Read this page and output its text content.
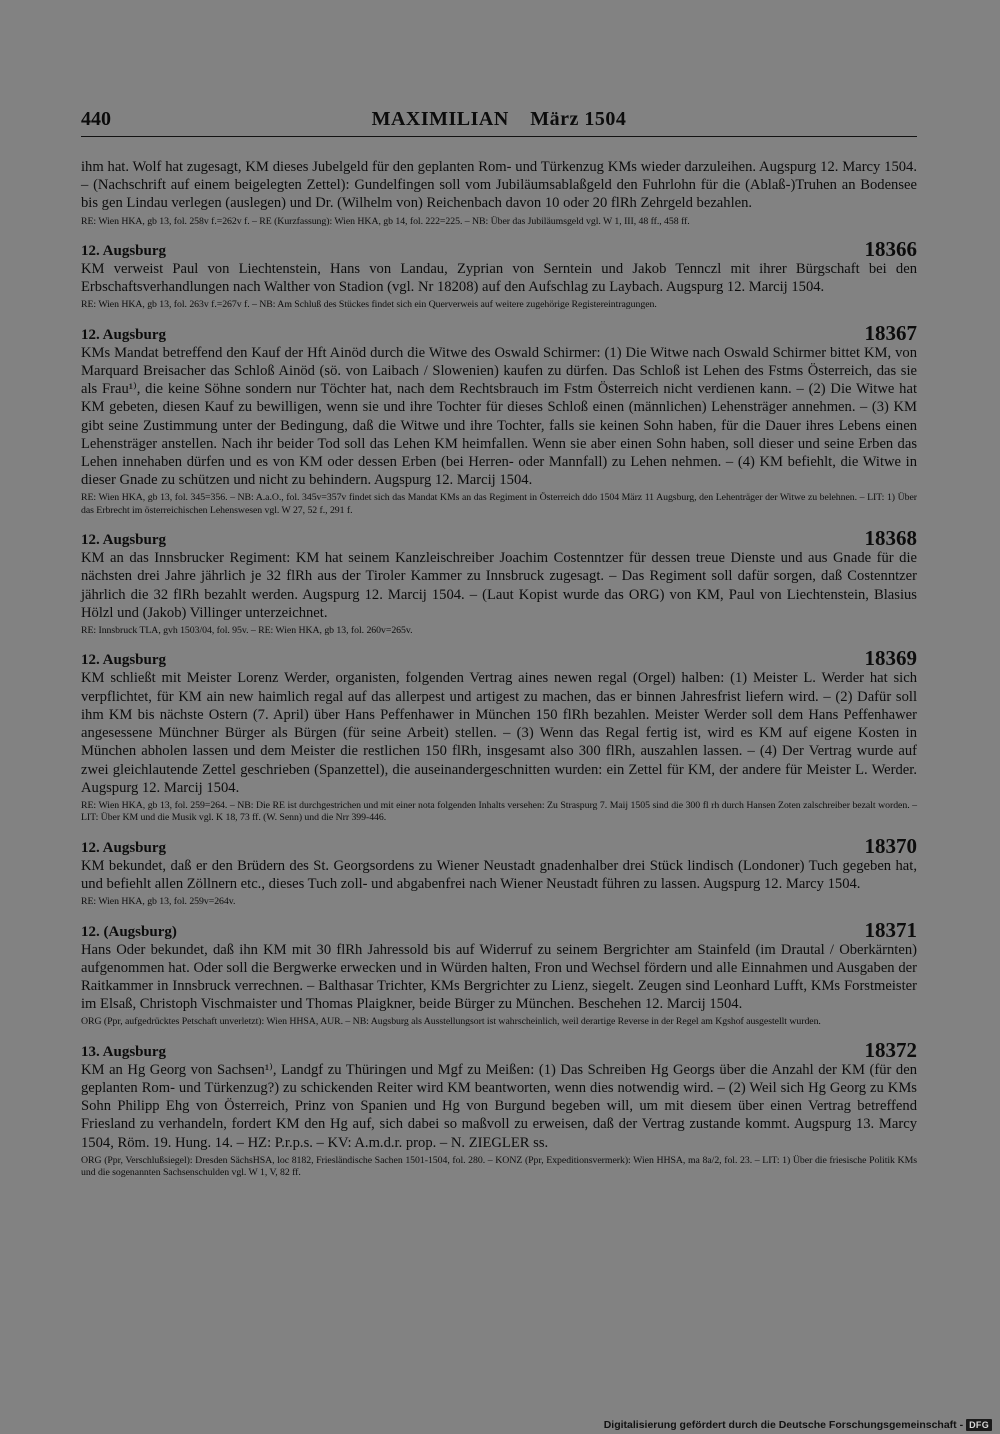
440	MAXIMILIAN März 1504

ihm hat. Wolf hat zugesagt, KM dieses Jubelgeld für den geplanten Rom- und Türkenzug KMs wieder darzuleihen. Augspurg 12. Marcy 1504. – (Nachschrift auf einem beigelegten Zettel): Gundelfingen soll vom Jubiläumsablaßgeld den Fuhrlohn für die (Ablaß-)Truhen an Bodensee bis gen Lindau verlegen (auslegen) und Dr. (Wilhelm von) Reichenbach davon 10 oder 20 flRh Zehrgeld bezahlen.

RE: Wien HKA, gb 13, fol. 258v f.=262v f. – RE (Kurzfassung): Wien HKA, gb 14, fol. 222=225. – NB: Über das Jubiläumsgeld vgl. W 1, III, 48 ff., 458 ff.

12. Augsburg	18366

KM verweist Paul von Liechtenstein, Hans von Landau, Zyprian von Serntein und Jakob Tennczl mit ihrer Bürgschaft bei den Erbschaftsverhandlungen nach Walther von Stadion (vgl. Nr 18208) auf den Aufschlag zu Laybach. Augspurg 12. Marcij 1504.

RE: Wien HKA, gb 13, fol. 263v f.=267v f. – NB: Am Schluß des Stückes findet sich ein Querverweis auf weitere zugehörige Registereintragungen.

12. Augsburg	18367

KMs Mandat betreffend den Kauf der Hft Ainöd durch die Witwe des Oswald Schirmer: (1) Die Witwe nach Oswald Schirmer bittet KM, von Marquard Breisacher das Schloß Ainöd (sö. von Laibach / Slowenien) kaufen zu dürfen. Das Schloß ist Lehen des Fstms Österreich, das sie als Frau¹⁾, die keine Söhne sondern nur Töchter hat, nach dem Rechtsbrauch im Fstm Österreich nicht verdienen kann. – (2) Die Witwe hat KM gebeten, diesen Kauf zu bewilligen, wenn sie und ihre Tochter für dieses Schloß einen (männlichen) Lehensträger annehmen. – (3) KM gibt seine Zustimmung unter der Bedingung, daß die Witwe und ihre Tochter, falls sie keinen Sohn haben, für die Dauer ihres Lebens einen Lehensträger anstellen. Nach ihr beider Tod soll das Lehen KM heimfallen. Wenn sie aber einen Sohn haben, soll dieser und seine Erben das Lehen innehaben dürfen und es von KM oder dessen Erben (bei Herren- oder Mannfall) zu Lehen nehmen. – (4) KM befiehlt, die Witwe in dieser Gnade zu schützen und nicht zu behindern. Augspurg 12. Marcij 1504.

RE: Wien HKA, gb 13, fol. 345=356. – NB: A.a.O., fol. 345v=357v findet sich das Mandat KMs an das Regiment in Österreich ddo 1504 März 11 Augsburg, den Lehenträger der Witwe zu belehnen. – LIT: 1) Über das Erbrecht im österreichischen Lehenswesen vgl. W 27, 52 f., 291 f.

12. Augsburg	18368

KM an das Innsbrucker Regiment: KM hat seinem Kanzleischreiber Joachim Costenntzer für dessen treue Dienste und aus Gnade für die nächsten drei Jahre jährlich je 32 flRh aus der Tiroler Kammer zu Innsbruck zugesagt. – Das Regiment soll dafür sorgen, daß Costenntzer jährlich die 32 flRh bezahlt werden. Augspurg 12. Marcij 1504. – (Laut Kopist wurde das ORG) von KM, Paul von Liechtenstein, Blasius Hölzl und (Jakob) Villinger unterzeichnet.

RE: Innsbruck TLA, gvh 1503/04, fol. 95v. – RE: Wien HKA, gb 13, fol. 260v=265v.

12. Augsburg	18369

KM schließt mit Meister Lorenz Werder, organisten, folgenden Vertrag aines newen regal (Orgel) halben: (1) Meister L. Werder hat sich verpflichtet, für KM ain new haimlich regal auf das allerpest und artigest zu machen, das er binnen Jahresfrist liefern wird. – (2) Dafür soll ihm KM bis nächste Ostern (7. April) über Hans Peffenhawer in München 150 flRh bezahlen. Meister Werder soll dem Hans Peffenhawer angesessene Münchner Bürger als Bürgen (für seine Arbeit) stellen. – (3) Wenn das Regal fertig ist, wird es KM auf eigene Kosten in München abholen lassen und dem Meister die restlichen 150 flRh, insgesamt also 300 flRh, auszahlen lassen. – (4) Der Vertrag wurde auf zwei gleichlautende Zettel geschrieben (Spanzettel), die auseinandergeschnitten wurden: ein Zettel für KM, der andere für Meister L. Werder. Augspurg 12. Marcij 1504.

RE: Wien HKA, gb 13, fol. 259=264. – NB: Die RE ist durchgestrichen und mit einer nota folgenden Inhalts versehen: Zu Straspurg 7. Maij 1505 sind die 300 fl rh durch Hansen Zoten zalschreiber bezalt worden. – LIT: Über KM und die Musik vgl. K 18, 73 ff. (W. Senn) und die Nrr 399-446.

12. Augsburg	18370

KM bekundet, daß er den Brüdern des St. Georgsordens zu Wiener Neustadt gnadenhalber drei Stück lindisch (Londoner) Tuch gegeben hat, und befiehlt allen Zöllnern etc., dieses Tuch zoll- und abgabenfrei nach Wiener Neustadt führen zu lassen. Augspurg 12. Marcy 1504.

RE: Wien HKA, gb 13, fol. 259v=264v.

12. (Augsburg)	18371

Hans Oder bekundet, daß ihn KM mit 30 flRh Jahressold bis auf Widerruf zu seinem Bergrichter am Stainfeld (im Drautal / Oberkärnten) aufgenommen hat. Oder soll die Bergwerke erwecken und in Würden halten, Fron und Wechsel fördern und alle Einnahmen und Ausgaben der Raitkammer in Innsbruck verrechnen. – Balthasar Trichter, KMs Bergrichter zu Lienz, siegelt. Zeugen sind Leonhard Lufft, KMs Forstmeister im Elsaß, Christoph Vischmaister und Thomas Plaigkner, beide Bürger zu München. Beschehen 12. Marcij 1504.

ORG (Ppr, aufgedrücktes Petschaft unverletzt): Wien HHSA, AUR. – NB: Augsburg als Ausstellungsort ist wahrscheinlich, weil derartige Reverse in der Regel am Kgshof ausgestellt wurden.

13. Augsburg	18372

KM an Hg Georg von Sachsen¹⁾, Landgf zu Thüringen und Mgf zu Meißen: (1) Das Schreiben Hg Georgs über die Anzahl der KM (für den geplanten Rom- und Türkenzug?) zu schickenden Reiter wird KM beantworten, wenn dies notwendig wird. – (2) Weil sich Hg Georg zu KMs Sohn Philipp Ehg von Österreich, Prinz von Spanien und Hg von Burgund begeben will, um mit diesem über einen Vertrag betreffend Friesland zu verhandeln, fordert KM den Hg auf, sich dabei so maßvoll zu erweisen, daß der Vertrag zustande kommt. Augspurg 13. Marcy 1504, Röm. 19. Hung. 14. – HZ: P.r.p.s. – KV: A.m.d.r. prop. – N. ZIEGLER ss.

ORG (Ppr, Verschlußsiegel): Dresden SächsHSA, loc 8182, Friesländische Sachen 1501-1504, fol. 280. – KONZ (Ppr, Expeditionsvermerk): Wien HHSA, ma 8a/2, fol. 23. – LIT: 1) Über die friesische Politik KMs und die sogenannten Sachsenschulden vgl. W 1, V, 82 ff.

Digitalisierung gefördert durch die Deutsche Forschungsgemeinschaft - DFG
